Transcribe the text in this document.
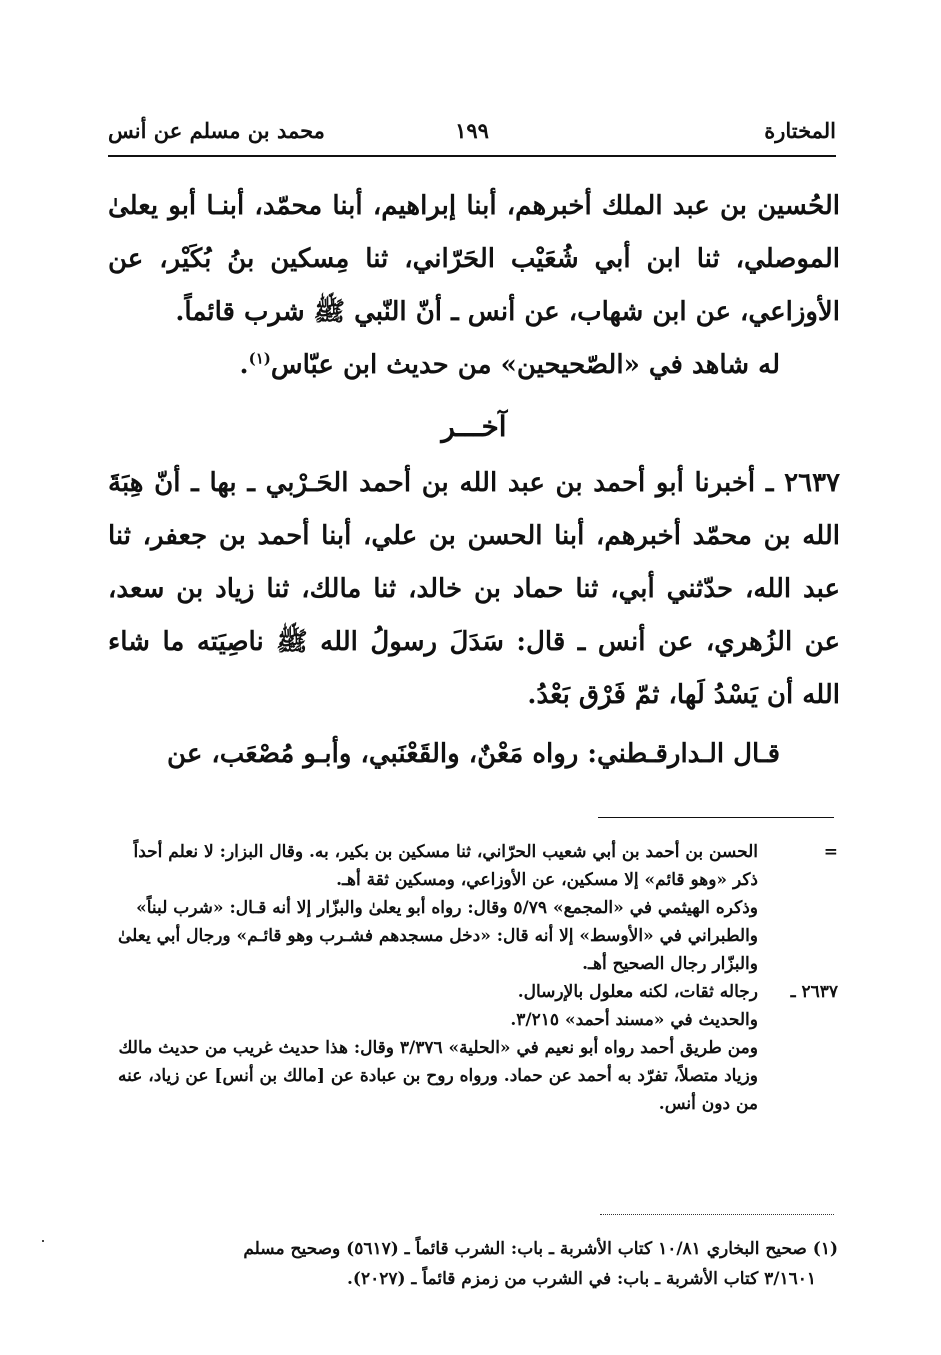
المختارة
١٩٩
محمد بن مسلم عن أنس

الحُسين بن عبد الملك أخبرهم، أبنا إبراهيم، أبنا محمّد، أبنـا أبو يعلىٰ الموصلي، ثنا ابن أبي شُعَيْب الحَرّاني، ثنا مِسكين بنُ بُكَيْر، عن الأوزاعي، عن ابن شهاب، عن أنس ـ أنّ النّبي ﷺ شرب قائماً.

له شاهد في «الصّحيحين» من حديث ابن عبّاس$^{(١)}$.

آخـــر

٢٦٣٧ ـ أخبرنا أبو أحمد بن عبد الله بن أحمد الحَـرْبي ـ بها ـ أنّ هِبَةَ الله بن محمّد أخبرهم، أبنا الحسن بن علي، أبنا أحمد بن جعفر، ثنا عبد الله، حدّثني أبي، ثنا حماد بن خالد، ثنا مالك، ثنا زياد بن سعد، عن الزُهري، عن أنس ـ قال: سَدَلَ رسولُ الله ﷺ ناصِيَته ما شاء الله أن يَسْدُ لَها، ثمّ فَرْق بَعْدُ.

قـال الـدارقـطني: رواه مَعْنٌ، والقَعْنَبي، وأبـو مُصْعَب، عن

=

الحسن بن أحمد بن أبي شعيب الحرّاني، ثنا مسكين بن بكير، به. وقال البزار: لا نعلم أحداً ذكر «وهو قائم» إلا مسكين، عن الأوزاعي، ومسكين ثقة أهـ.

وذكره الهيثمي في «المجمع» ٥/٧٩ وقال: رواه أبو يعلىٰ والبزّار إلا أنه قـال: «شرب لبناً» والطبراني في «الأوسط» إلا أنه قال: «دخل مسجدهم فشـرب وهو قائـم» ورجال أبي يعلىٰ والبزّار رجال الصحيح أهـ.

٢٦٣٧ ـ

رجاله ثقات، لكنه معلول بالإرسال.

والحديث في «مسند أحمد» ٣/٢١٥.

ومن طريق أحمد رواه أبو نعيم في «الحلية» ٣/٣٧٦ وقال: هذا حديث غريب من حديث مالك وزياد متصلاً، تفرّد به أحمد عن حماد. ورواه روح بن عبادة عن [مالك بن أنس] عن زياد، عنه من دون أنس.

(١) صحيح البخاري ١٠/٨١ كتاب الأشربة ـ باب: الشرب قائماً ـ (٥٦١٧) وصحيح مسلم

٣/١٦٠١ كتاب الأشربة ـ باب: في الشرب من زمزم قائماً ـ (٢٠٢٧).
